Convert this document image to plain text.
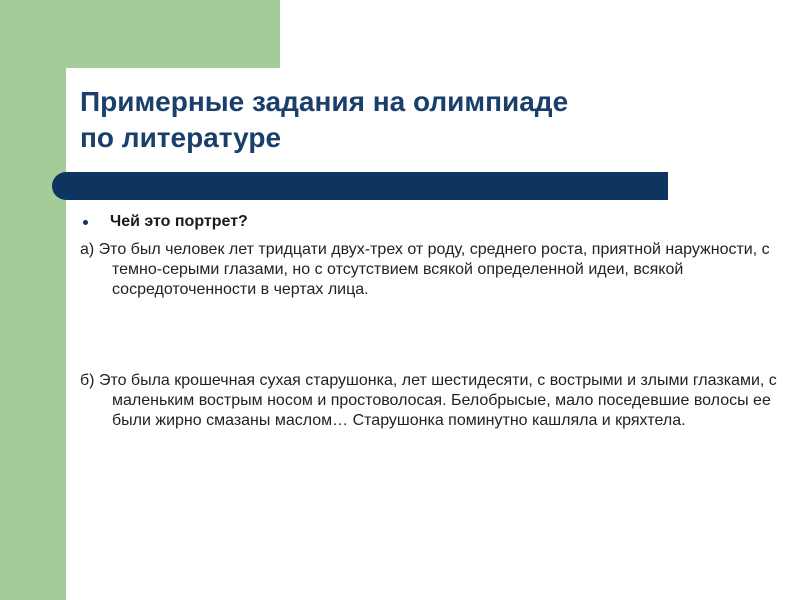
Примерные задания на олимпиаде
по литературе
Чей это портрет?
а) Это был человек лет тридцати двух-трех от роду, среднего роста, приятной наружности, с темно-серыми глазами, но с отсутствием всякой определенной идеи, всякой сосредоточенности в чертах лица.
б) Это была крошечная сухая старушонка, лет шестидесяти, с вострыми и злыми глазками, с маленьким вострым носом и простоволосая. Белобрысые, мало поседевшие волосы ее были жирно смазаны маслом… Старушонка поминутно кашляла и кряхтела.
